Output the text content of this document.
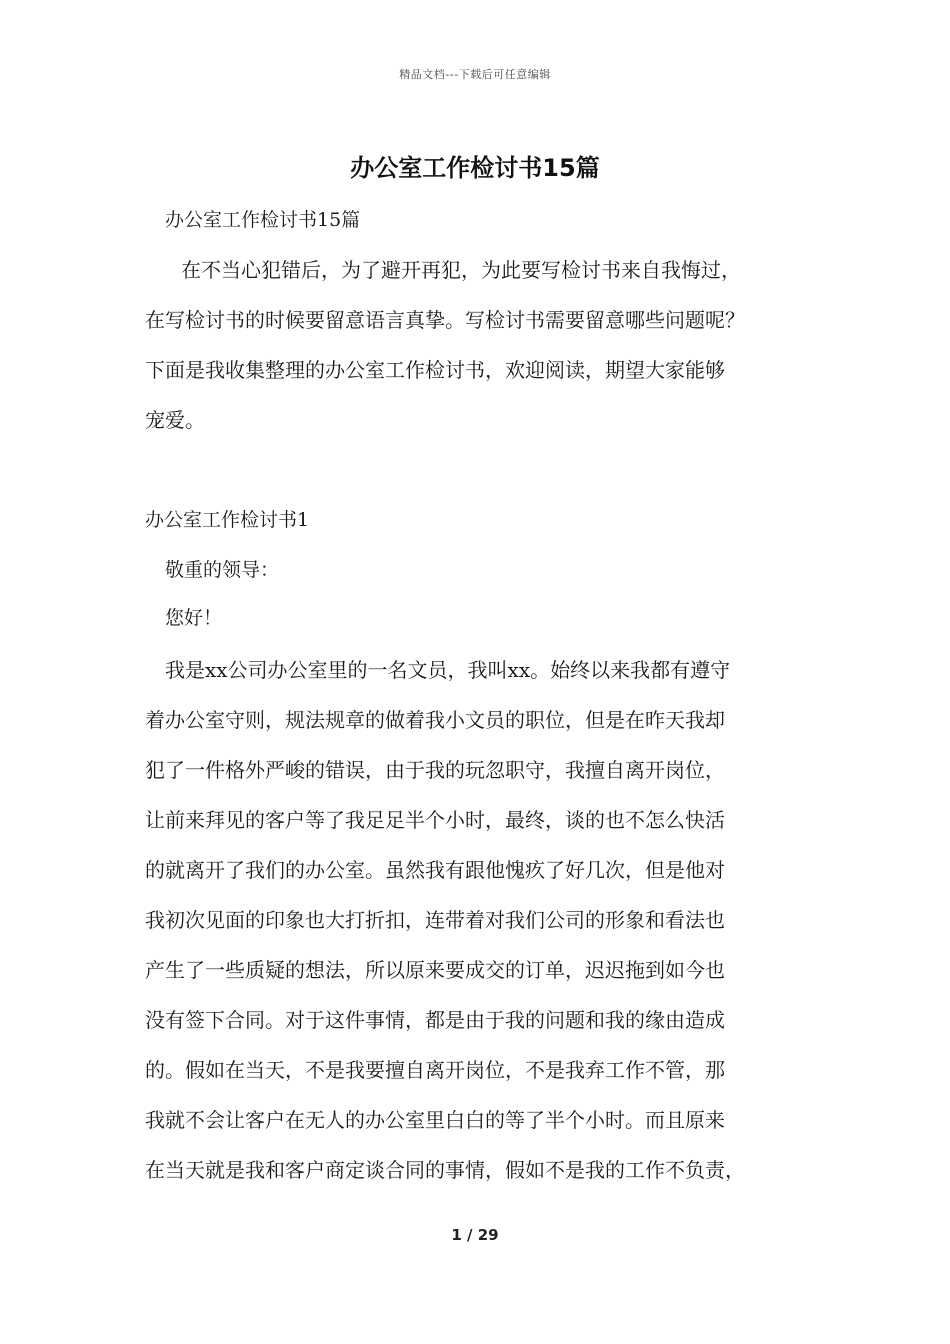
精品文档---下载后可任意编辑
办公室工作检讨书15篇
办公室工作检讨书15篇
在不当心犯错后，为了避开再犯，为此要写检讨书来自我悔过，
在写检讨书的时候要留意语言真挚。写检讨书需要留意哪些问题呢？
下面是我收集整理的办公室工作检讨书，欢迎阅读，期望大家能够
宠爱。
办公室工作检讨书1
敬重的领导：
您好！
我是xx公司办公室里的一名文员，我叫xx。始终以来我都有遵守
着办公室守则，规法规章的做着我小文员的职位，但是在昨天我却
犯了一件格外严峻的错误，由于我的玩忽职守，我擅自离开岗位，
让前来拜见的客户等了我足足半个小时，最终，谈的也不怎么快活
的就离开了我们的办公室。虽然我有跟他愧疚了好几次，但是他对
我初次见面的印象也大打折扣，连带着对我们公司的形象和看法也
产生了一些质疑的想法，所以原来要成交的订单，迟迟拖到如今也
没有签下合同。对于这件事情，都是由于我的问题和我的缘由造成
的。假如在当天，不是我要擅自离开岗位，不是我弃工作不管，那
我就不会让客户在无人的办公室里白白的等了半个小时。而且原来
在当天就是我和客户商定谈合同的事情，假如不是我的工作不负责，
1 / 29
